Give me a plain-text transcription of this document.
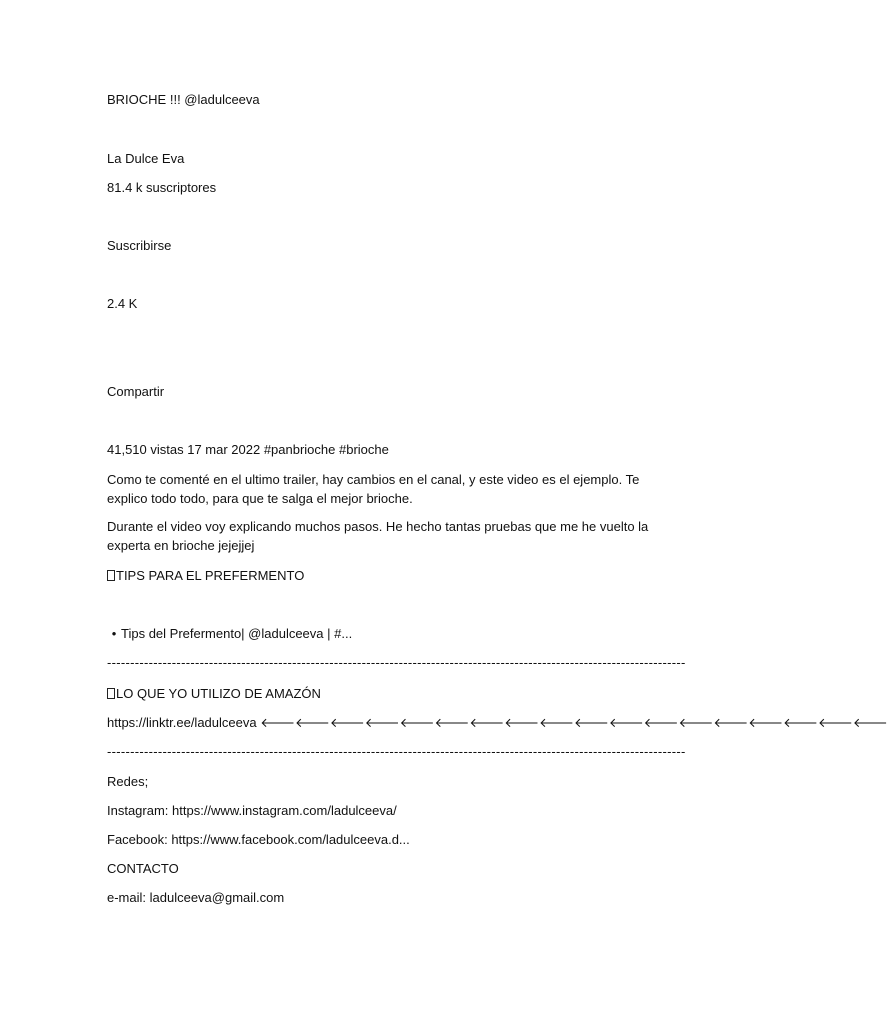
BRIOCHE !!! @ladulceeva
La Dulce Eva
81.4 k suscriptores
Suscribirse
2.4 K
Compartir
41,510 vistas 17 mar 2022 #panbrioche #brioche
Como te comenté en el ultimo trailer, hay cambios en el canal, y este video es el ejemplo. Te explico todo todo, para que te salga el mejor brioche.
Durante el video voy explicando muchos pasos. He hecho tantas pruebas que me he vuelto la experta en brioche jejejjej
TIPS PARA EL PREFERMENTO
• Tips del Prefermento| @ladulceeva | #...
-----------------------------------------------------------------------------------------------------------------------------
LO QUE YO UTILIZO DE AMAZÓN
https://linktr.ee/ladulceeva 🡐🡐🡐🡐🡐🡐🡐🡐🡐🡐🡐🡐🡐🡐🡐🡐🡐🡐
-----------------------------------------------------------------------------------------------------------------------------
Redes;
Instagram: https://www.instagram.com/ladulceeva/
Facebook: https://www.facebook.com/ladulceeva.d...
CONTACTO
e-mail: ladulceeva@gmail.com
